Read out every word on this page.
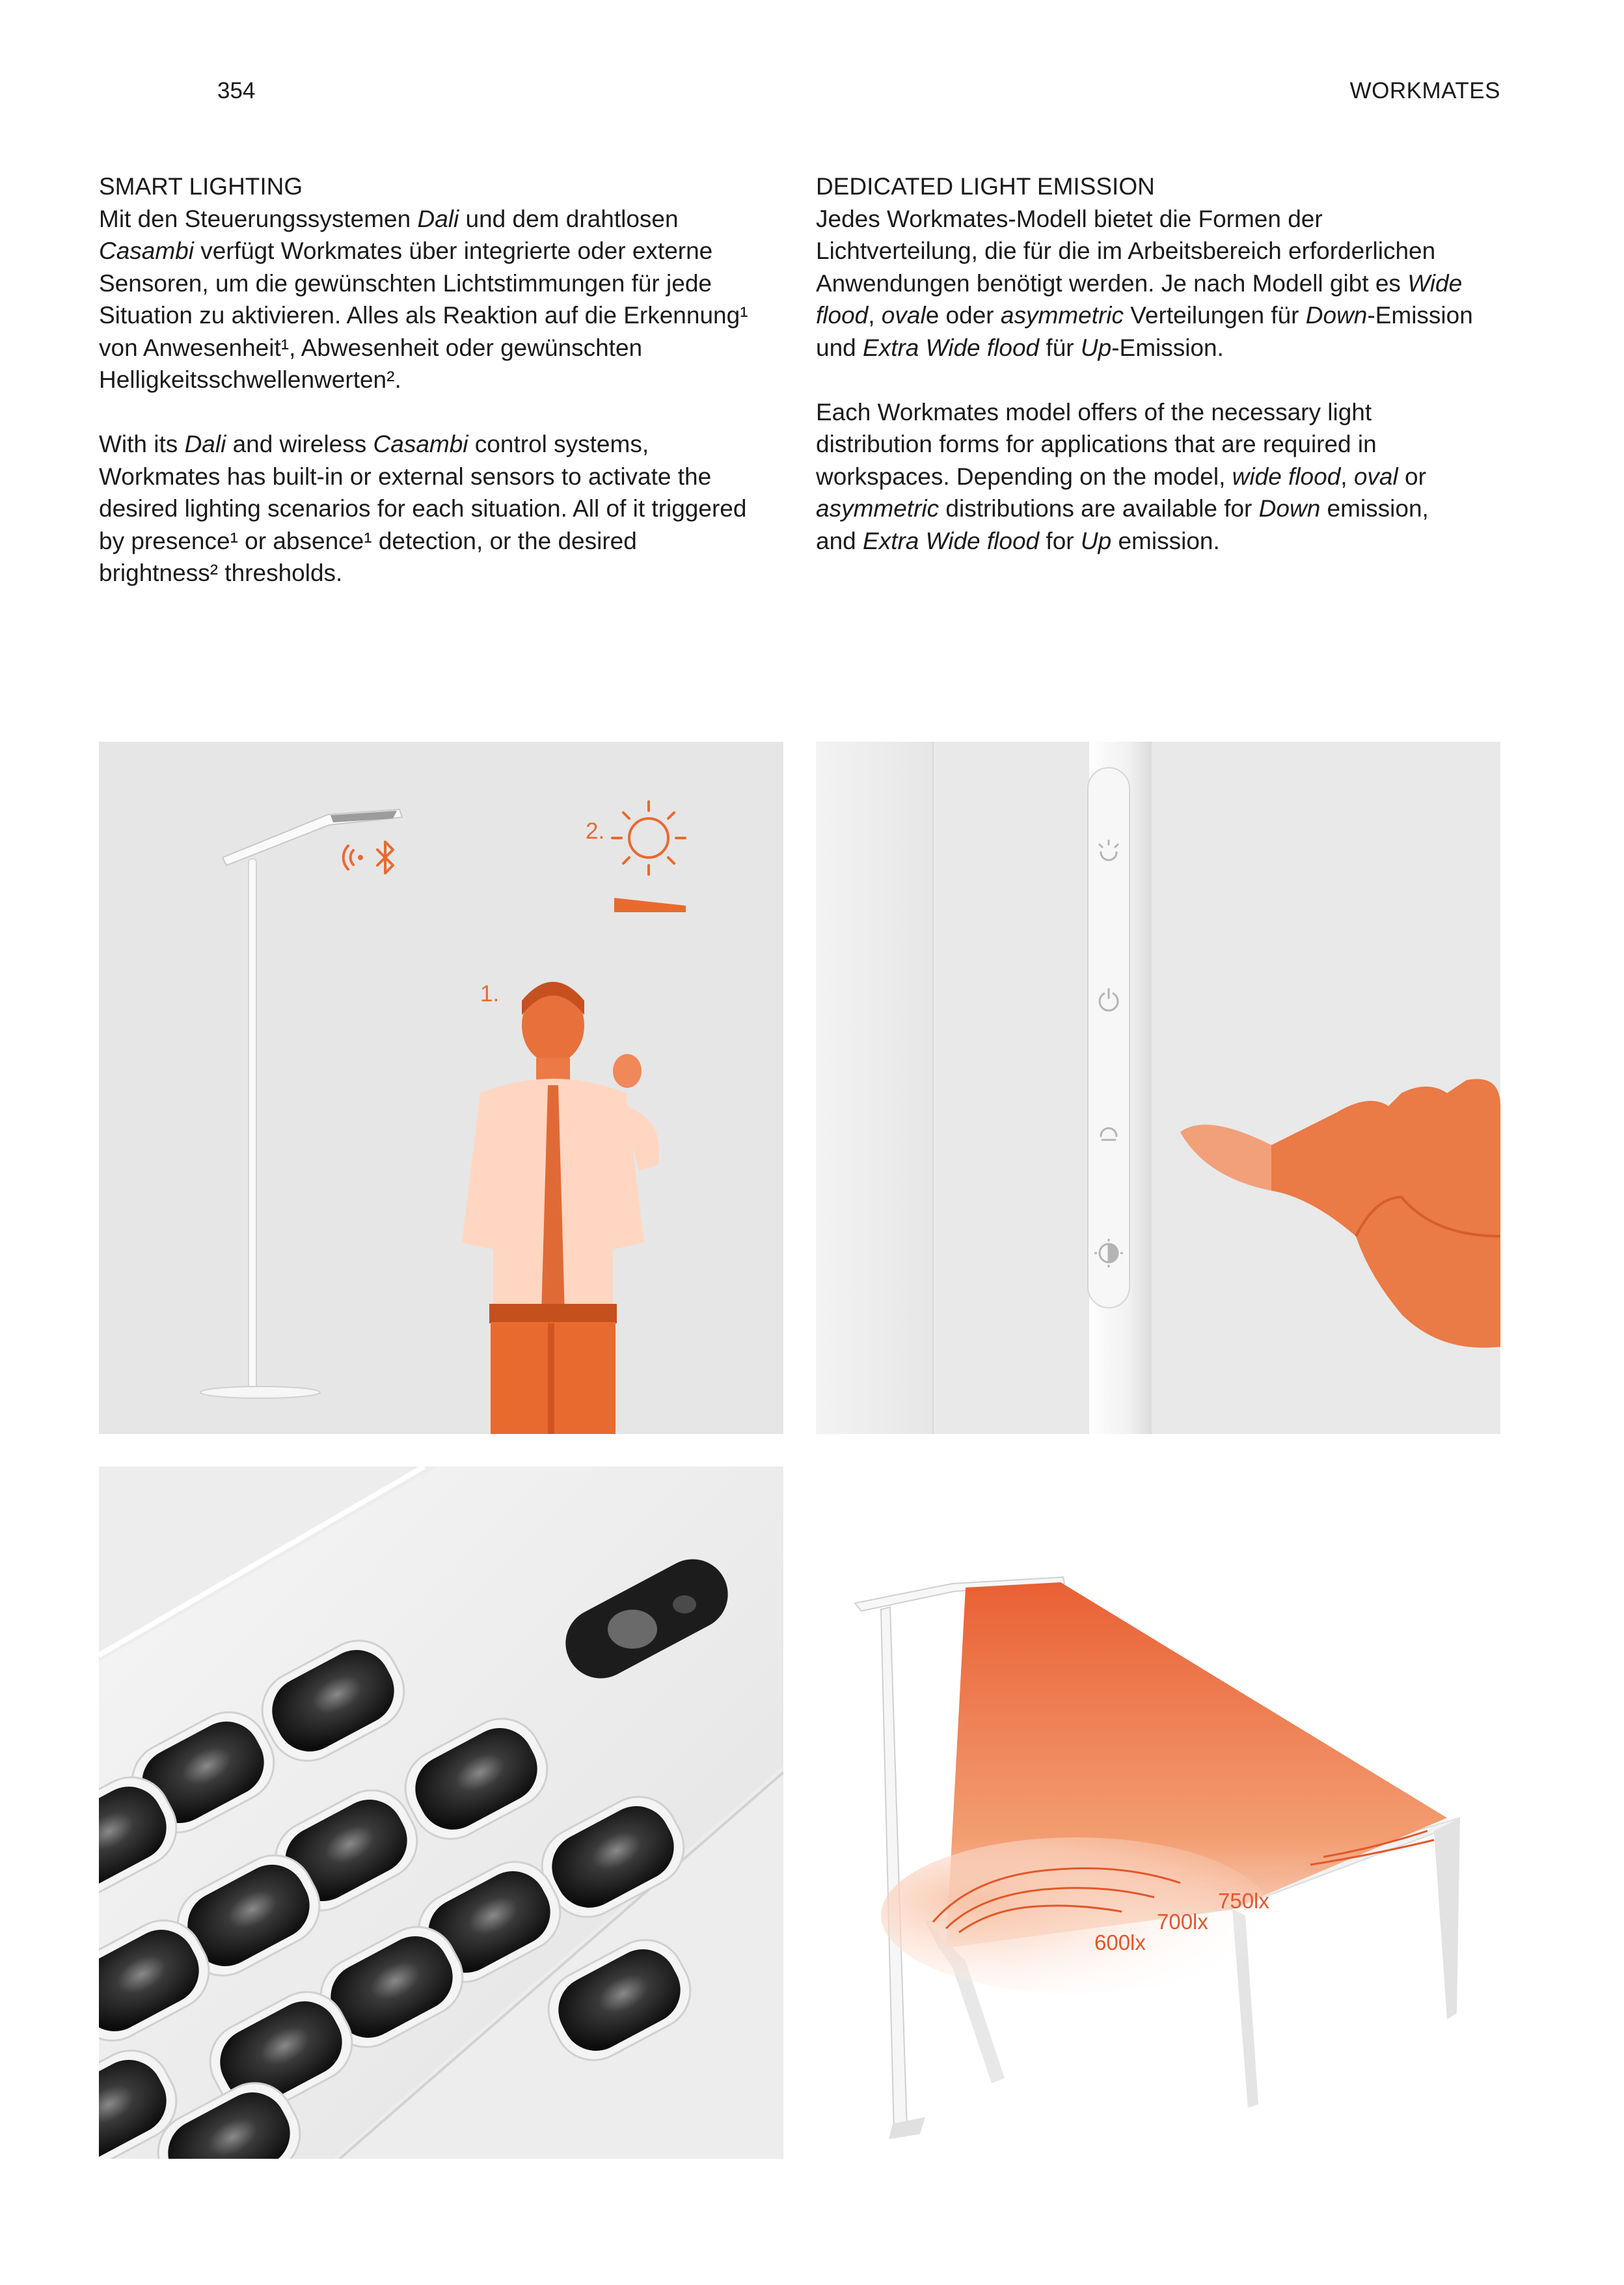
354	WORKMATES

SMART LIGHTING

Mit den Steuerungssystemen Dali und dem drahtlosen Casambi verfügt Workmates über integrierte oder externe Sensoren, um die gewünschten Lichtstimmungen für jede Situation zu aktivieren. Alles als Reaktion auf die Erkennung¹ von Anwesenheit¹, Abwesenheit oder gewünschten Helligkeitsschwellenwerten².

With its Dali and wireless Casambi control systems, Workmates has built-in or external sensors to activate the desired lighting scenarios for each situation. All of it triggered by presence¹ or absence¹ detection, or the desired brightness² thresholds.

DEDICATED LIGHT EMISSION

Jedes Workmates-Modell bietet die Formen der Lichtverteilung, die für die im Arbeitsbereich erforderlichen Anwendungen benötigt werden. Je nach Modell gibt es Wide flood, ovale oder asymmetric Verteilungen für Down-Emission und Extra Wide flood für Up-Emission.

Each Workmates model offers of the necessary light distribution forms for applications that are required in workspaces. Depending on the model, wide flood, oval or asymmetric distributions are available for Down emission, and Extra Wide flood for Up emission.

1.
2.
750lx
700lx
600lx
